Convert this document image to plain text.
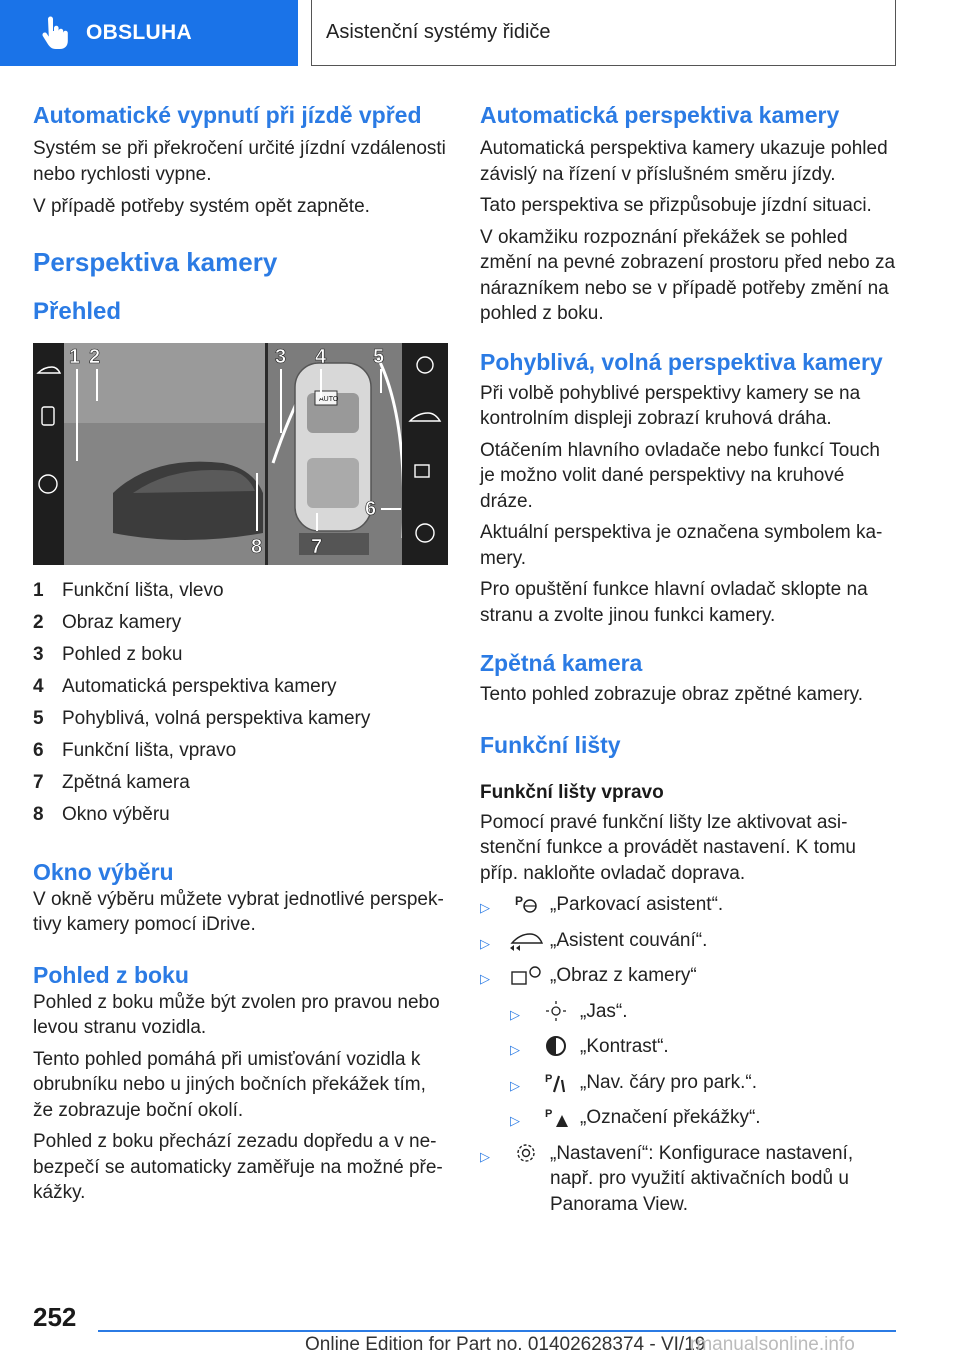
OBSLUHA	Asistenční systémy řidiče
Automatické vypnutí při jízdě vpřed

Systém se při překročení určité jízdní vzdálenosti nebo rychlosti vypne.

V případě potřeby systém opět zapněte.

Perspektiva kamery
Přehled
AUTO
1 2	3 4 5
6
7
8
1 Funkční lišta, vlevo
2 Obraz kamery
3 Pohled z boku
4 Automatická perspektiva kamery
5 Pohyblivá, volná perspektiva kamery
6 Funkční lišta, vpravo
7 Zpětná kamera
8 Okno výběru
Okno výběru

V okně výběru můžete vybrat jednotlivé perspek- tivy kamery pomocí iDrive.

Pohled z boku

Pohled z boku může být zvolen pro pravou nebo levou stranu vozidla.

Tento pohled pomáhá při umisťování vozidla k obrubníku nebo u jiných bočních překážek tím, že zobrazuje boční okolí.

Pohled z boku přechází zezadu dopředu a v ne- bezpečí se automaticky zaměřuje na možné pře- kážky.

Automatická perspektiva kamery

Automatická perspektiva kamery ukazuje pohled závislý na řízení v příslušném směru jízdy.

Tato perspektiva se přizpůsobuje jízdní situaci.

V okamžiku rozpoznání překážek se pohled změní na pevné zobrazení prostoru před nebo za nárazníkem nebo se v případě potřeby změní na pohled z boku.

Pohyblivá, volná perspektiva kamery

Při volbě pohyblivé perspektivy kamery se na kontrolním displeji zobrazí kruhová dráha.

Otáčením hlavního ovladače nebo funkcí Touch je možno volit dané perspektivy na kruhové dráze.

Aktuální perspektiva je označena symbolem ka- mery.

Pro opuštění funkce hlavní ovladač sklopte na stranu a zvolte jinou funkci kamery.

Zpětná kamera

Tento pohled zobrazuje obraz zpětné kamery.

Funkční lišty
Funkční lišty vpravo

Pomocí pravé funkční lišty lze aktivovat asi- stenční funkce a provádět nastavení. K tomu příp. nakloňte ovladač doprava.

▷	P „Parkovací asistent“.
▷	„Asistent couvání“.
▷	„Obraz z kamery“
▷	„Jas“.
▷	„Kontrast“.
▷	P „Nav. čáry pro park.“.
▷	P „Označení překážky“.
▷	„Nastavení“: Konfigurace nastavení, např. pro využití aktivačních bodů u Panorama View.
252
Online Edition for Part no. 01402628374 - VI/19
rmanualsonline.info
